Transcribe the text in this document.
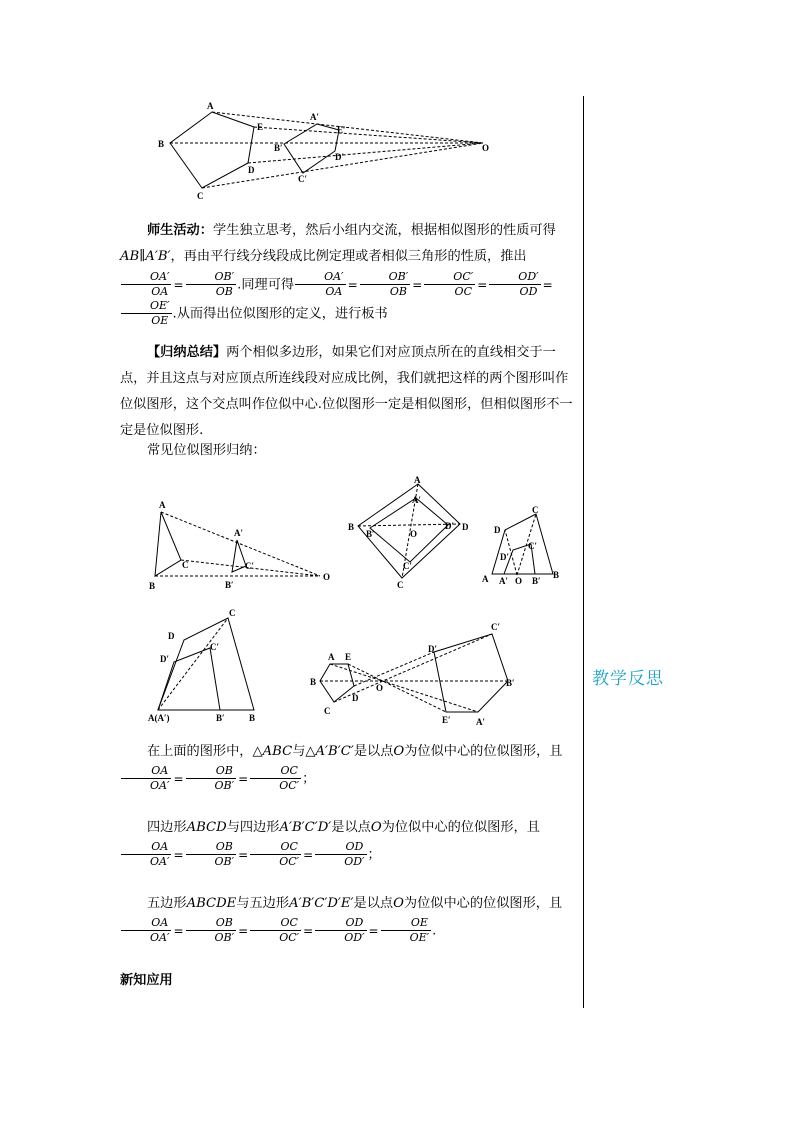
教学反思
A
E
B
D
C
A′
E′
B′
D′
C′
O
师生活动：学生独立思考，然后小组内交流，根据相似图形的性质可得AB∥A′B′，再由平行线分线段成比例定理或者相似三角形的性质，推出
$\frac{OA'}{OA} = \frac{OB'}{OB}$ .同理可得 $\frac{OA'}{OA} = \frac{OB'}{OB} = \frac{OC'}{OC} = \frac{OD'}{OD}$ =
$\frac{OE'}{OE}$ .从而得出位似图形的定义，进行板书
【归纳总结】两个相似多边形，如果它们对应顶点所在的直线相交于一点，并且这点与对应顶点所连线段对应成比例，我们就把这样的两个图形叫作位似图形，这个交点叫作位似中心.位似图形一定是相似图形，但相似图形不一定是位似图形.
常见位似图形归纳：
A
B
C
A′
B′
C′
O
A
A′
B
B′
D
D′
O
C′
C
C
D
C′
D′
A A′ O B′
B
C
D
C′
D′
A(A′)	B′	B
A E
B
D
C
O
C′
D′
B′
E′	A′
在上面的图形中，△ABC与△A′B′C′是以点O为位似中心的位似图形，且
$\frac{OA}{OA'} = \frac{OB}{OB'} = \frac{OC}{OC'}$ ；
四边形ABCD与四边形A′B′C′D′是以点O为位似中心的位似图形，且
$\frac{OA}{OA'} = \frac{OB}{OB'} = \frac{OC}{OC'} = \frac{OD}{OD'}$ ；
五边形ABCDE与五边形A′B′C′D′E′是以点O为位似中心的位似图形，且
$\frac{OA}{OA'} = \frac{OB}{OB'} = \frac{OC}{OC'} = \frac{OD}{OD'} = \frac{OE}{OE'}$ .
新知应用
